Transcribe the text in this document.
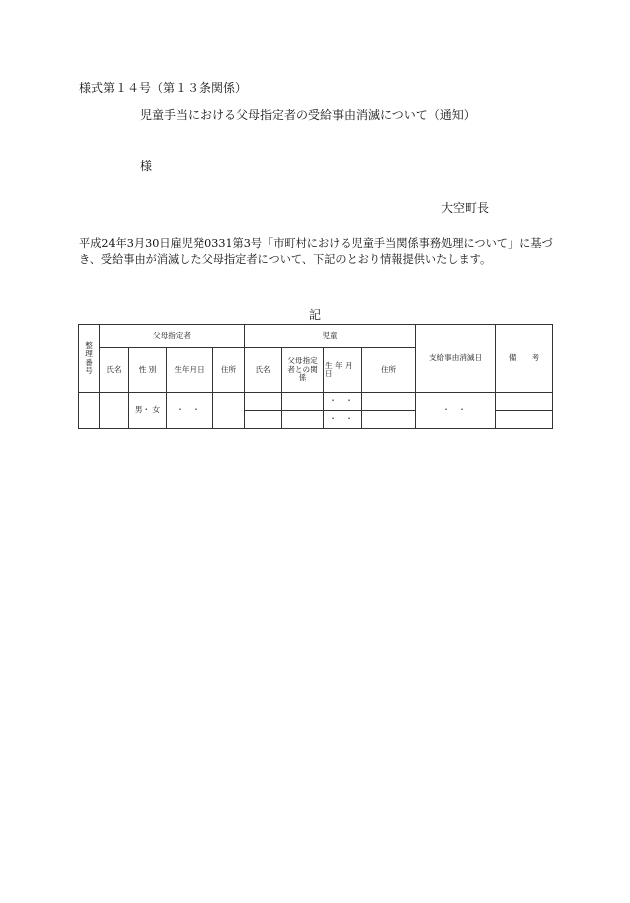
様式第１４号（第１３条関係）
児童手当における父母指定者の受給事由消滅について（通知）
様
大空町長
平成24年3月30日雇児発0331第3号「市町村における児童手当関係事務処理について」に基づき、受給事由が消滅した父母指定者について、下記のとおり情報提供いたします。
記
整理番号	父母指定者				児童				支給事由消滅日	備　　考
	氏名	性 別	生年月日	住所	氏名	父母指定者との関係	生 年 月 日	住所		
		男・ 女	・ ・				・ ・		・ ・	
							・ ・			
